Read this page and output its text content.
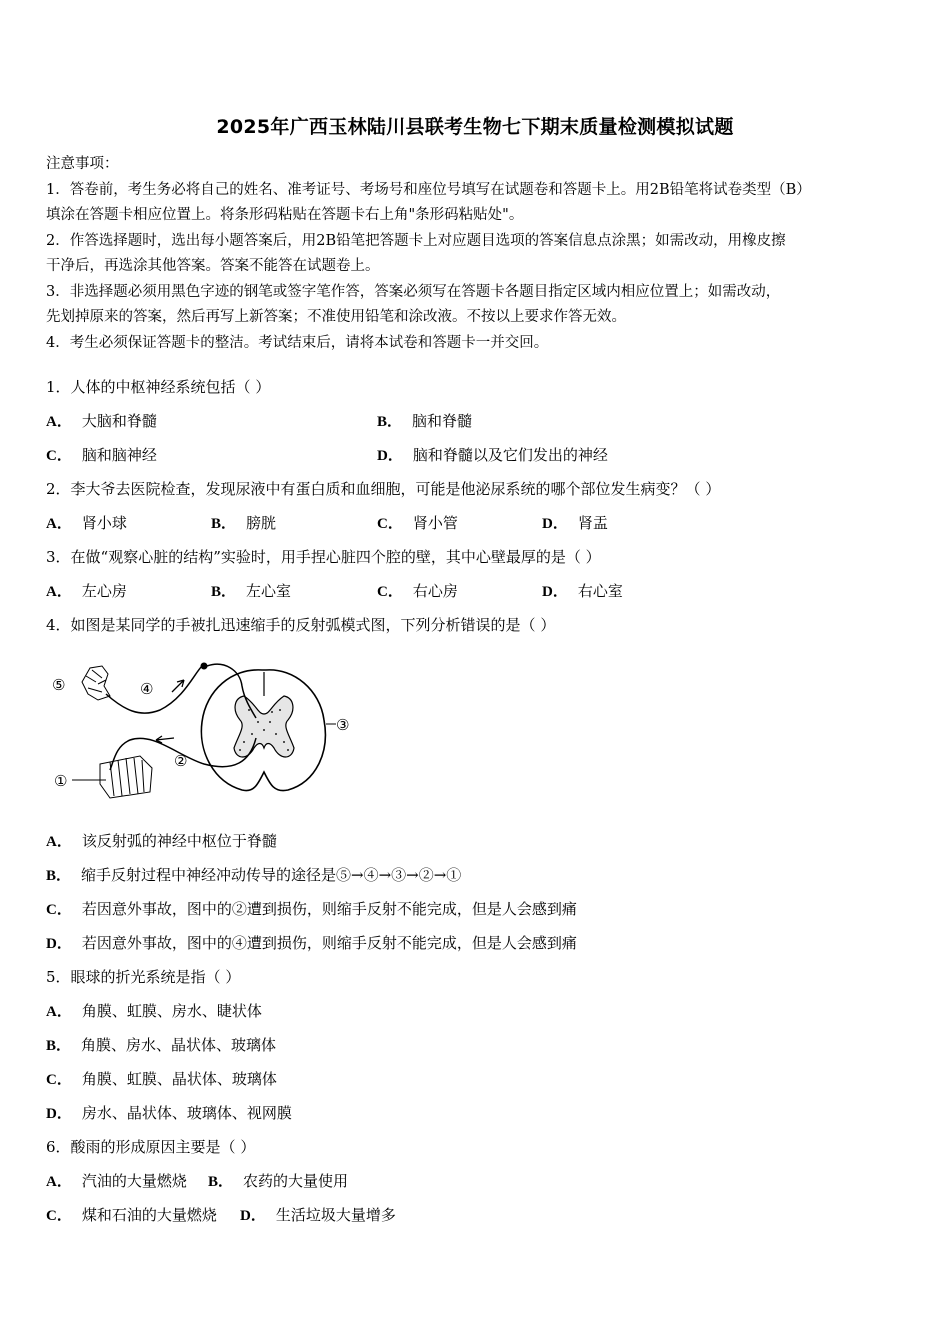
2025年广西玉林陆川县联考生物七下期末质量检测模拟试题

注意事项：

1．答卷前，考生务必将自己的姓名、准考证号、考场号和座位号填写在试题卷和答题卡上。用2B铅笔将试卷类型（B）

填涂在答题卡相应位置上。将条形码粘贴在答题卡右上角"条形码粘贴处"。

2．作答选择题时，选出每小题答案后，用2B铅笔把答题卡上对应题目选项的答案信息点涂黑；如需改动，用橡皮擦

干净后，再选涂其他答案。答案不能答在试题卷上。

3．非选择题必须用黑色字迹的钢笔或签字笔作答，答案必须写在答题卡各题目指定区域内相应位置上；如需改动，

先划掉原来的答案，然后再写上新答案；不准使用铅笔和涂改液。不按以上要求作答无效。

4．考生必须保证答题卡的整洁。考试结束后，请将本试卷和答题卡一并交回。

1．人体的中枢神经系统包括（ ）
A． 大脑和脊髓	B． 脑和脊髓
C． 脑和脑神经	D． 脑和脊髓以及它们发出的神经
2．李大爷去医院检查，发现尿液中有蛋白质和血细胞，可能是他泌尿系统的哪个部位发生病变？（ ）
A． 肾小球	B． 膀胱	C． 肾小管	D． 肾盂
3．在做“观察心脏的结构”实验时，用手捏心脏四个腔的壁，其中心壁最厚的是（ ）
A． 左心房	B． 左心室	C． 右心房	D． 右心室
4．如图是某同学的手被扎迅速缩手的反射弧模式图，下列分析错误的是（ ）
⑤	④
③
②
①
A． 该反射弧的神经中枢位于脊髓
B． 缩手反射过程中神经冲动传导的途径是⑤→④→③→②→①
C． 若因意外事故，图中的②遭到损伤，则缩手反射不能完成，但是人会感到痛
D． 若因意外事故，图中的④遭到损伤，则缩手反射不能完成，但是人会感到痛
5．眼球的折光系统是指（ ）
A． 角膜、虹膜、房水、睫状体
B． 角膜、房水、晶状体、玻璃体
C． 角膜、虹膜、晶状体、玻璃体
D． 房水、晶状体、玻璃体、视网膜
6．酸雨的形成原因主要是（ ）
A． 汽油的大量燃烧 B． 农药的大量使用
C． 煤和石油的大量燃烧 D． 生活垃圾大量增多
